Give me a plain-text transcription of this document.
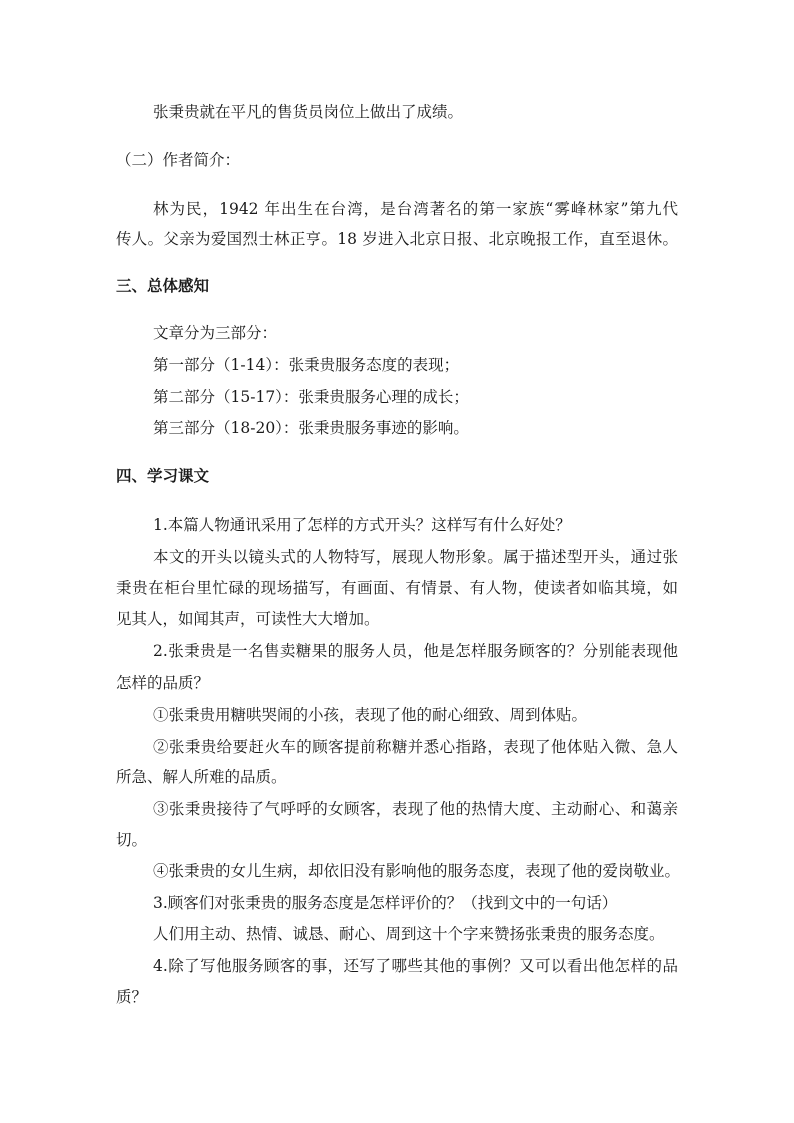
张秉贵就在平凡的售货员岗位上做出了成绩。
（二）作者简介：
林为民，1942 年出生在台湾，是台湾著名的第一家族“雾峰林家”第九代
传人。父亲为爱国烈士林正亨。18 岁进入北京日报、北京晚报工作，直至退休。
三、总体感知
文章分为三部分：
第一部分（1-14）：张秉贵服务态度的表现；
第二部分（15-17）：张秉贵服务心理的成长；
第三部分（18-20）：张秉贵服务事迹的影响。
四、学习课文
1.本篇人物通讯采用了怎样的方式开头？这样写有什么好处？
本文的开头以镜头式的人物特写，展现人物形象。属于描述型开头，通过张
秉贵在柜台里忙碌的现场描写，有画面、有情景、有人物，使读者如临其境，如
见其人，如闻其声，可读性大大增加。
2.张秉贵是一名售卖糖果的服务人员，他是怎样服务顾客的？分别能表现他
怎样的品质？
①张秉贵用糖哄哭闹的小孩，表现了他的耐心细致、周到体贴。
②张秉贵给要赶火车的顾客提前称糖并悉心指路，表现了他体贴入微、急人
所急、解人所难的品质。
③张秉贵接待了气呼呼的女顾客，表现了他的热情大度、主动耐心、和蔼亲
切。
④张秉贵的女儿生病，却依旧没有影响他的服务态度，表现了他的爱岗敬业。
3.顾客们对张秉贵的服务态度是怎样评价的？（找到文中的一句话）
人们用主动、热情、诚恳、耐心、周到这十个字来赞扬张秉贵的服务态度。
4.除了写他服务顾客的事，还写了哪些其他的事例？又可以看出他怎样的品
质？
